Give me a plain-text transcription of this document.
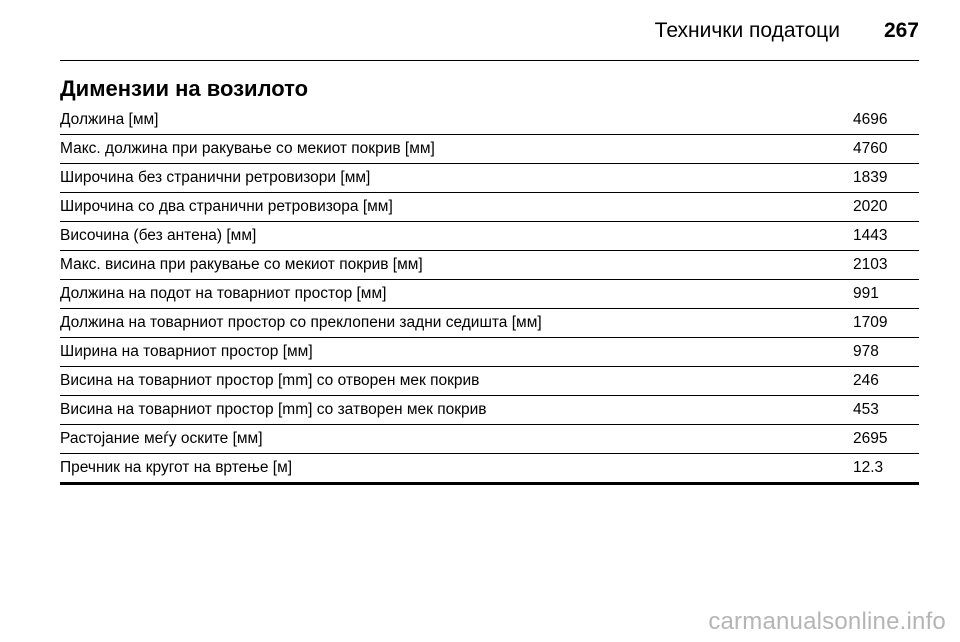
Технички податоци 267
Димензии на возилото
Должина [мм]	4696
Макс. должина при ракување со мекиот покрив [мм]	4760
Широчина без странични ретровизори [мм]	1839
Широчина со два странични ретровизора [мм]	2020
Височина (без антена) [мм]	1443
Макс. висина при ракување со мекиот покрив [мм]	2103
Должина на подот на товарниот простор [мм]	991
Должина на товарниот простор со преклопени задни седишта [мм]	1709
Ширина на товарниот простор [мм]	978
Висина на товарниот простор [mm] со отворен мек покрив	246
Висина на товарниот простор [mm] со затворен мек покрив	453
Растојание меѓу оските [мм]	2695
Пречник на кругот на вртење [м]	12.3
carmanualsonline.info
